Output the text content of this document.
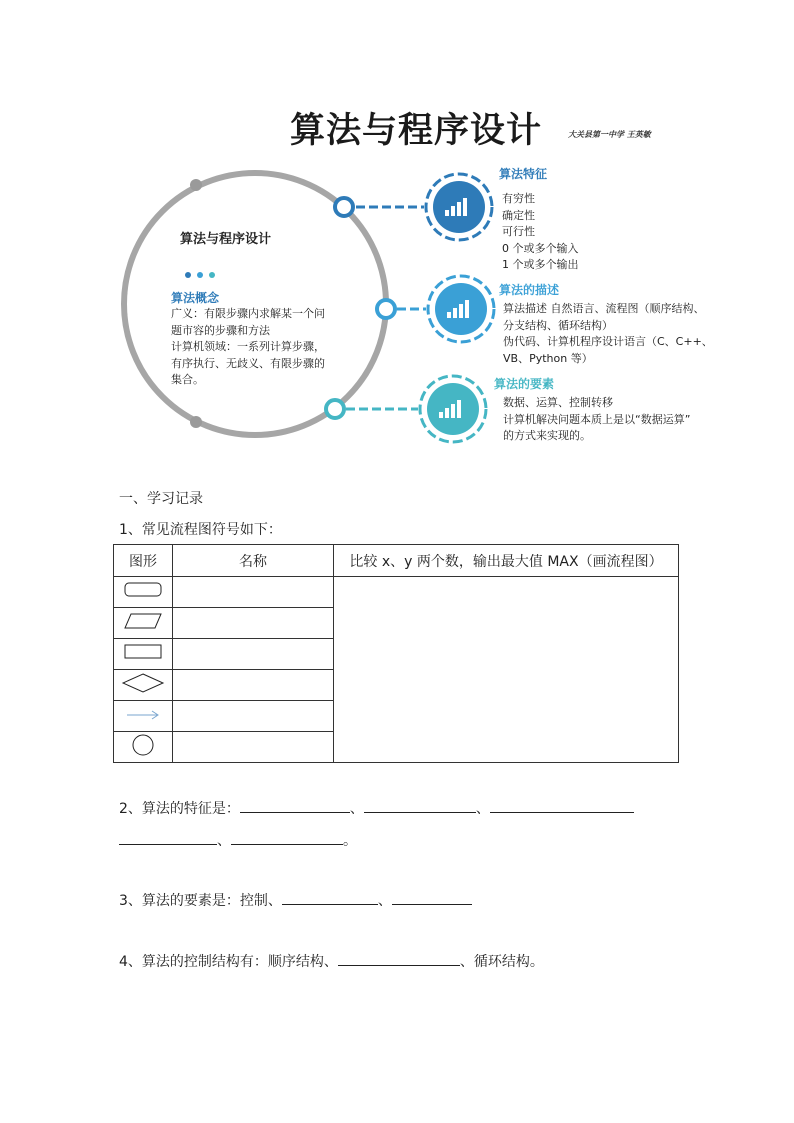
算法与程序设计	大关县第一中学 王英敏
算法与程序设计
算法概念
广义：有限步骤内求解某一个问
题市容的步骤和方法
计算机领域：一系列计算步骤，
有序执行、无歧义、有限步骤的
集合。
算法特征
有穷性
确定性
可行性
0 个或多个输入
1 个或多个输出
算法的描述
算法描述 自然语言、流程图（顺序结构、
分支结构、循环结构）
伪代码、计算机程序设计语言（C、C++、
VB、Python 等）
算法的要素
数据、运算、控制转移
计算机解决问题本质上是以“数据运算”
的方式来实现的。
一、学习记录
1、常见流程图符号如下：
图形	名称	比较 x、y 两个数，输出最大值 MAX（画流程图）

2、算法的特征是：	、	、
、	。
3、算法的要素是：控制、	、
4、算法的控制结构有：顺序结构、	、循环结构。
